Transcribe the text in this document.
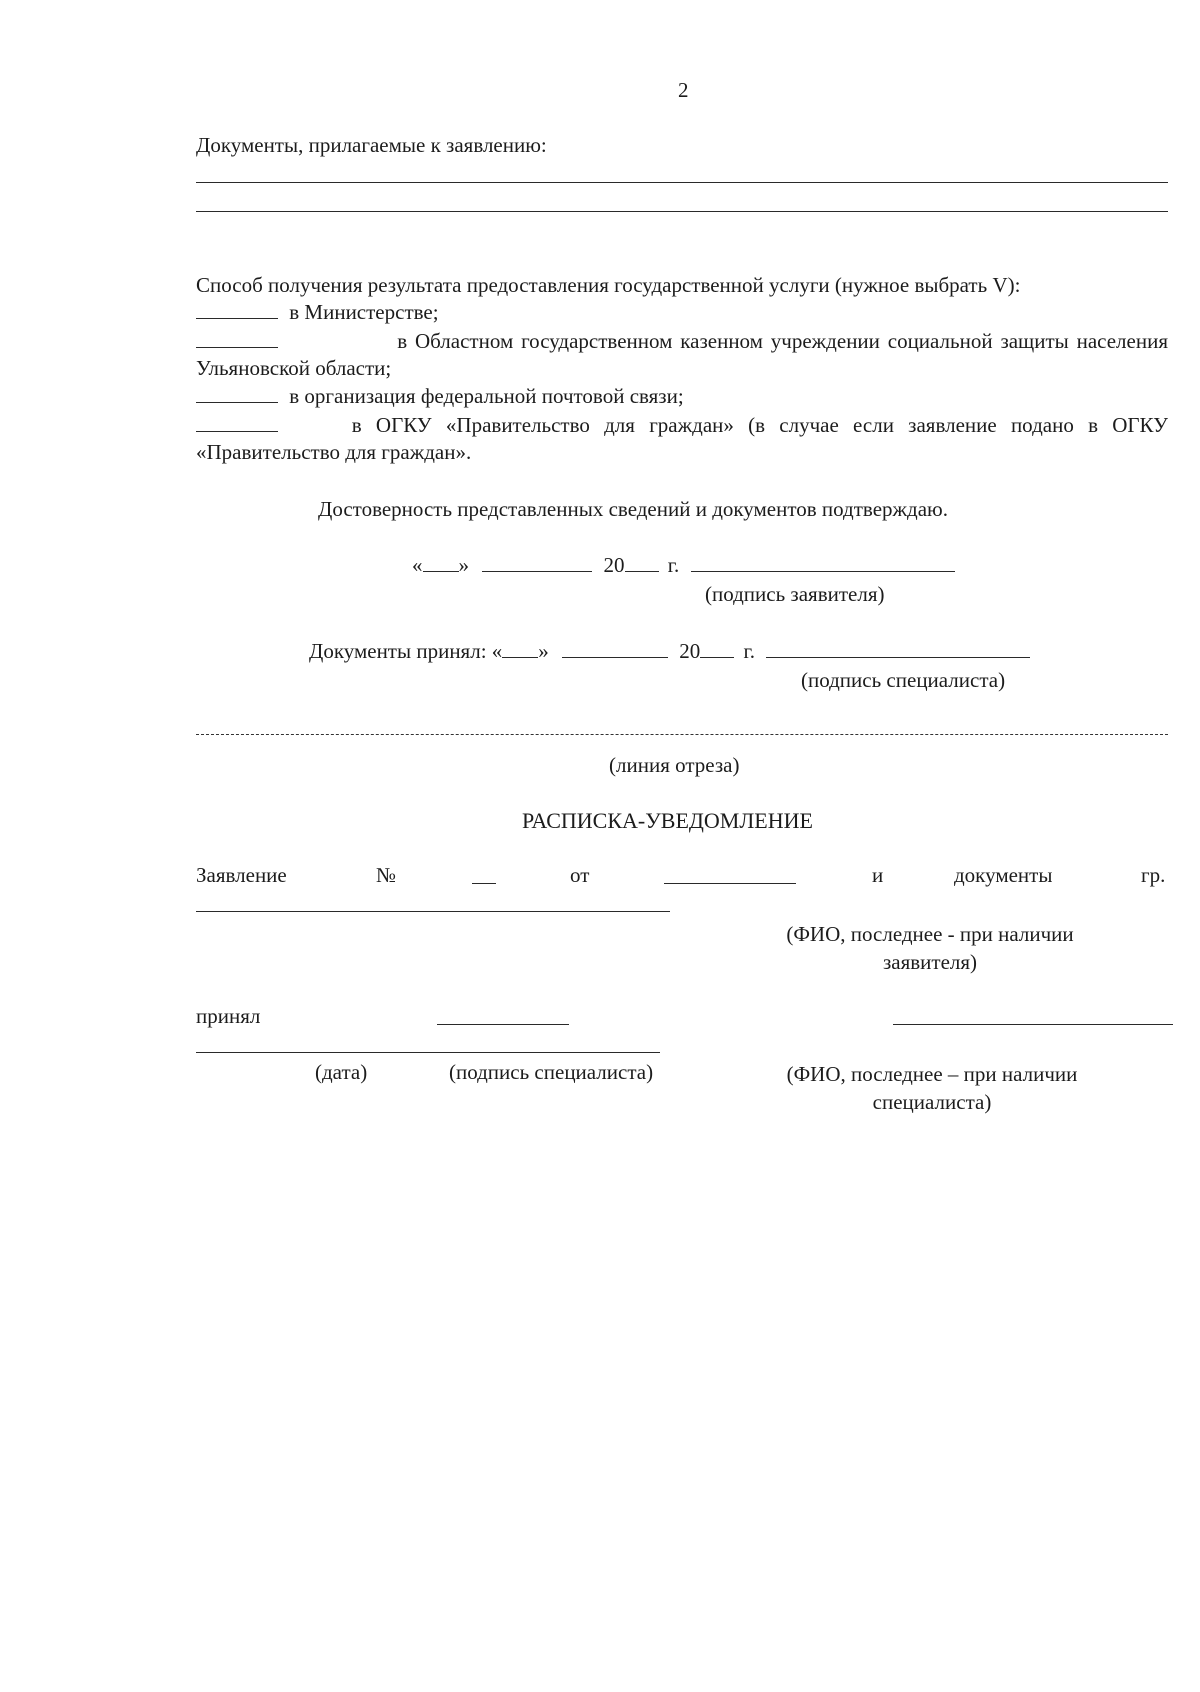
2
Документы, прилагаемые к заявлению:
Способ получения результата предоставления государственной услуги (нужное выбрать V):
в Министерстве;
в Областном государственном казенном учреждении социальной защиты населения
Ульяновской области;
в организация федеральной почтовой связи;
в ОГКУ «Правительство для граждан» (в случае если заявление подано в ОГКУ
«Правительство для граждан».
Достоверность представленных сведений и документов подтверждаю.
« »	20 г.
(подпись заявителя)
Документы принял: « »	20 г.
(подпись специалиста)
(линия отреза)
РАСПИСКА-УВЕДОМЛЕНИЕ
Заявление	№	от	и	документы	гр.
(ФИО, последнее - при наличии
заявителя)
принял
(дата)	(подпись специалиста)	(ФИО, последнее – при наличии
специалиста)
